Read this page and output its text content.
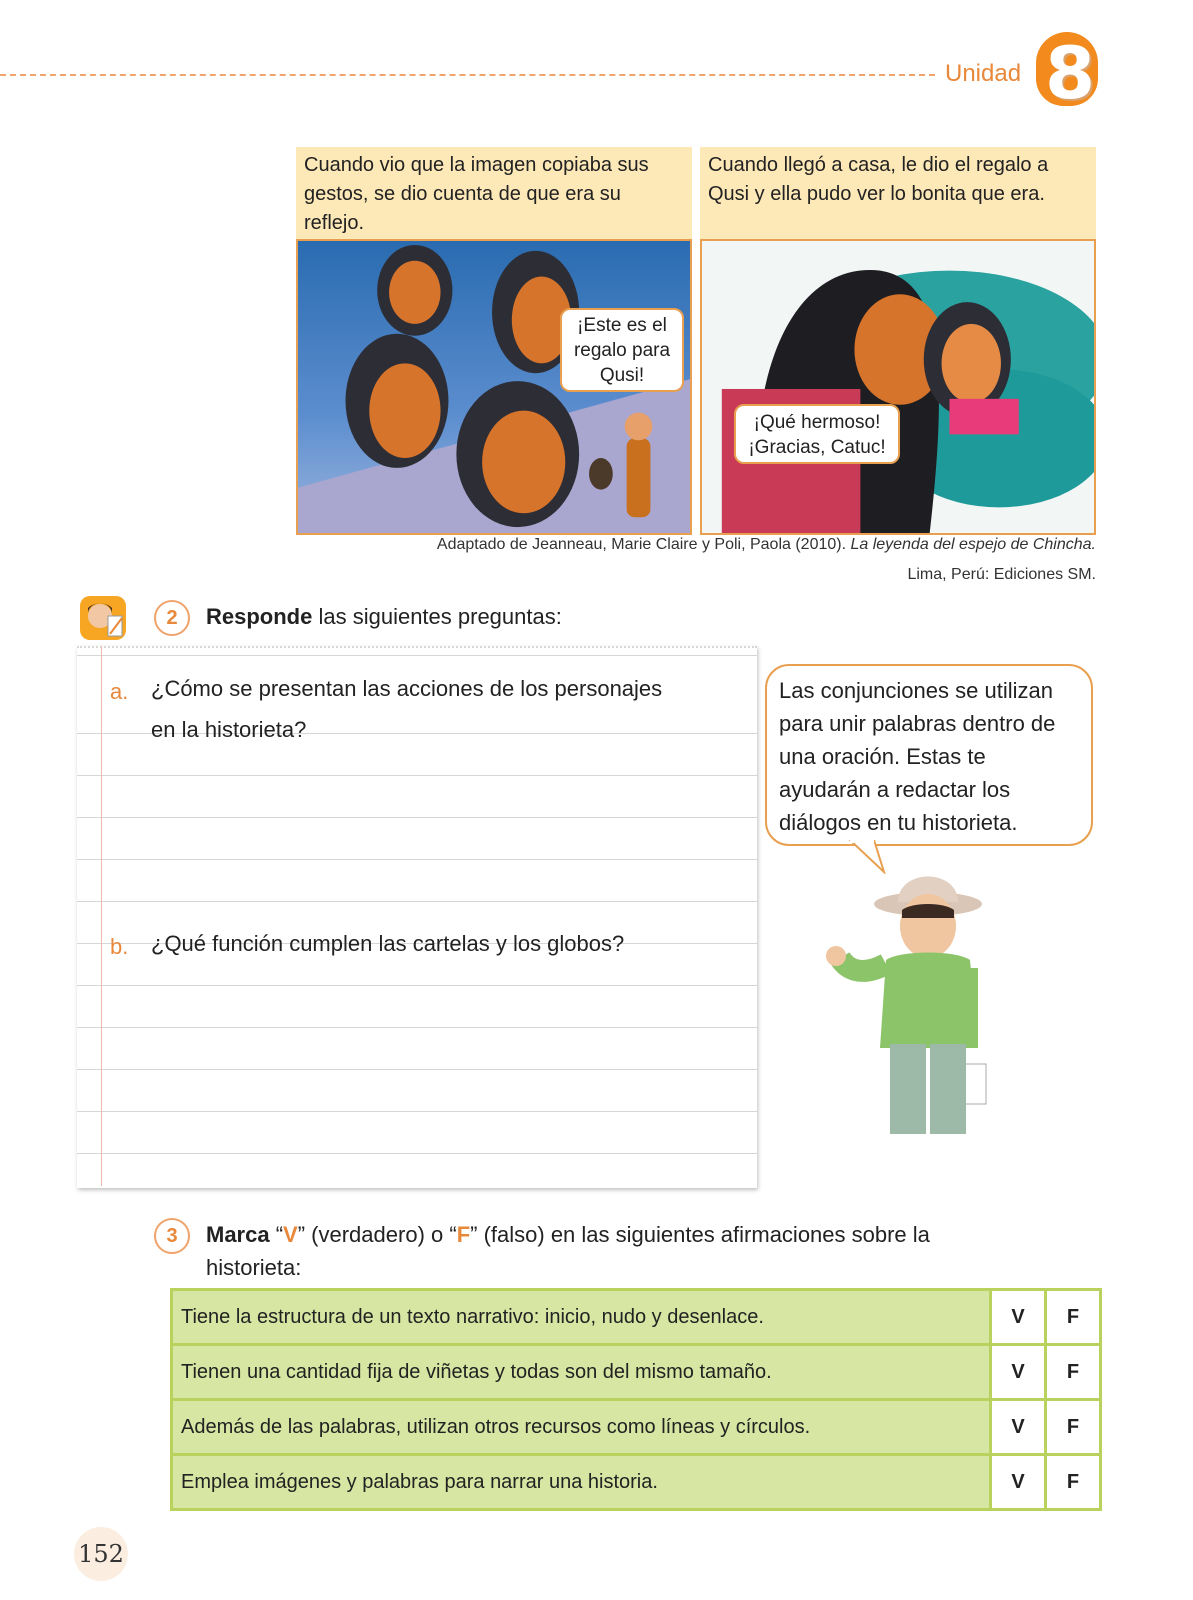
Unidad 8
Cuando vio que la imagen copiaba sus gestos, se dio cuenta de que era su reflejo.
¡Este es el
regalo para
Qusi!
Cuando llegó a casa, le dio el regalo a Qusi y ella pudo ver lo bonita que era.
¡Qué hermoso!
¡Gracias, Catuc!
Adaptado de Jeanneau, Marie Claire y Poli, Paola (2010). La leyenda del espejo de Chincha.
Lima, Perú: Ediciones SM.
2	Responde las siguientes preguntas:
a. ¿Cómo se presentan las acciones de los personajes
en la historieta?
b. ¿Qué función cumplen las cartelas y los globos?
Las conjunciones se utilizan para unir palabras dentro de una oración. Estas te ayudarán a redactar los diálogos en tu historieta.
3	Marca “V” (verdadero) o “F” (falso) en las siguientes afirmaciones sobre la historieta:
Tiene la estructura de un texto narrativo: inicio, nudo y desenlace.	V	F
Tienen una cantidad fija de viñetas y todas son del mismo tamaño.	V	F
Además de las palabras, utilizan otros recursos como líneas y círculos.	V	F
Emplea imágenes y palabras para narrar una historia.	V	F
152
